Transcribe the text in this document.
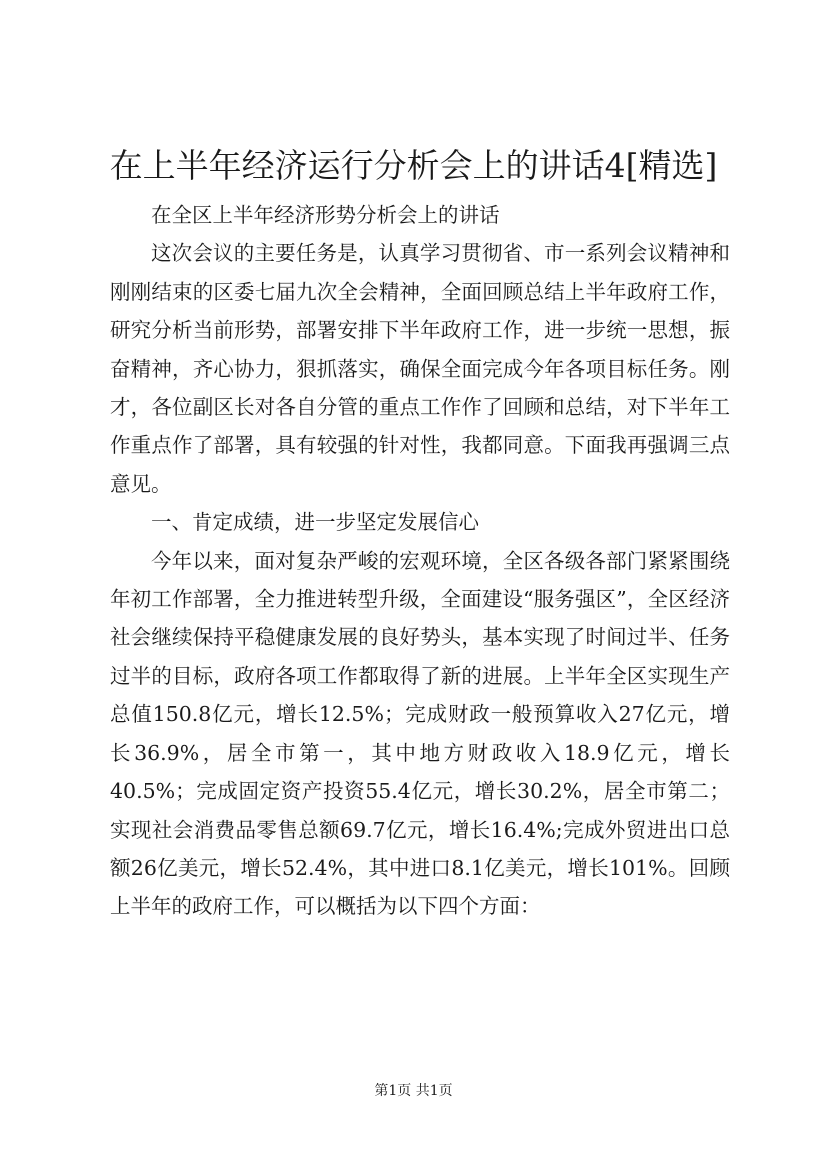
在上半年经济运行分析会上的讲话4[精选]

在全区上半年经济形势分析会上的讲话

这次会议的主要任务是，认真学习贯彻省、市一系列会议精神和刚刚结束的区委七届九次全会精神，全面回顾总结上半年政府工作，研究分析当前形势，部署安排下半年政府工作，进一步统一思想，振奋精神，齐心协力，狠抓落实，确保全面完成今年各项目标任务。刚才，各位副区长对各自分管的重点工作作了回顾和总结，对下半年工作重点作了部署，具有较强的针对性，我都同意。下面我再强调三点意见。

一、肯定成绩，进一步坚定发展信心

今年以来，面对复杂严峻的宏观环境，全区各级各部门紧紧围绕年初工作部署，全力推进转型升级，全面建设“服务强区”，全区经济社会继续保持平稳健康发展的良好势头，基本实现了时间过半、任务过半的目标，政府各项工作都取得了新的进展。上半年全区实现生产总值150.8亿元，增长12.5%；完成财政一般预算收入27亿元，增长36.9%，居全市第一，其中地方财政收入18.9亿元，增长40.5%；完成固定资产投资55.4亿元，增长30.2%，居全市第二；实现社会消费品零售总额69.7亿元，增长16.4%;完成外贸进出口总额26亿美元，增长52.4%，其中进口8.1亿美元，增长101%。回顾上半年的政府工作，可以概括为以下四个方面：

第1页 共1页
